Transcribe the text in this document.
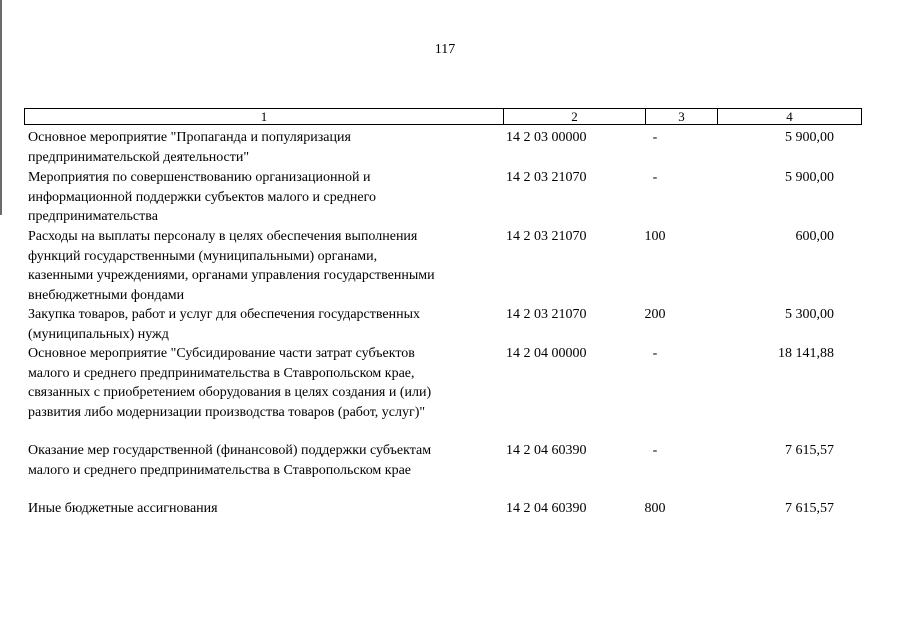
117
1	2	3	4
Основное мероприятие "Пропаганда и популяризация
предпринимательской деятельности"
14 2 03 00000	-	5 900,00
Мероприятия по совершенствованию организационной и
информационной поддержки субъектов малого и среднего
предпринимательства
14 2 03 21070	-	5 900,00
Расходы на выплаты персоналу в целях обеспечения выполнения
функций государственными (муниципальными) органами,
казенными учреждениями, органами управления государственными
внебюджетными фондами
14 2 03 21070	100	600,00
Закупка товаров, работ и услуг для обеспечения государственных
(муниципальных) нужд
14 2 03 21070	200	5 300,00
Основное мероприятие "Субсидирование части затрат субъектов
малого и среднего предпринимательства в Ставропольском крае,
связанных с приобретением оборудования в целях создания и (или)
развития либо модернизации производства товаров (работ, услуг)"
14 2 04 00000	-	18 141,88
Оказание мер государственной (финансовой) поддержки субъектам
малого и среднего предпринимательства в Ставропольском крае
14 2 04 60390	-	7 615,57
Иные бюджетные ассигнования	14 2 04 60390	800	7 615,57
